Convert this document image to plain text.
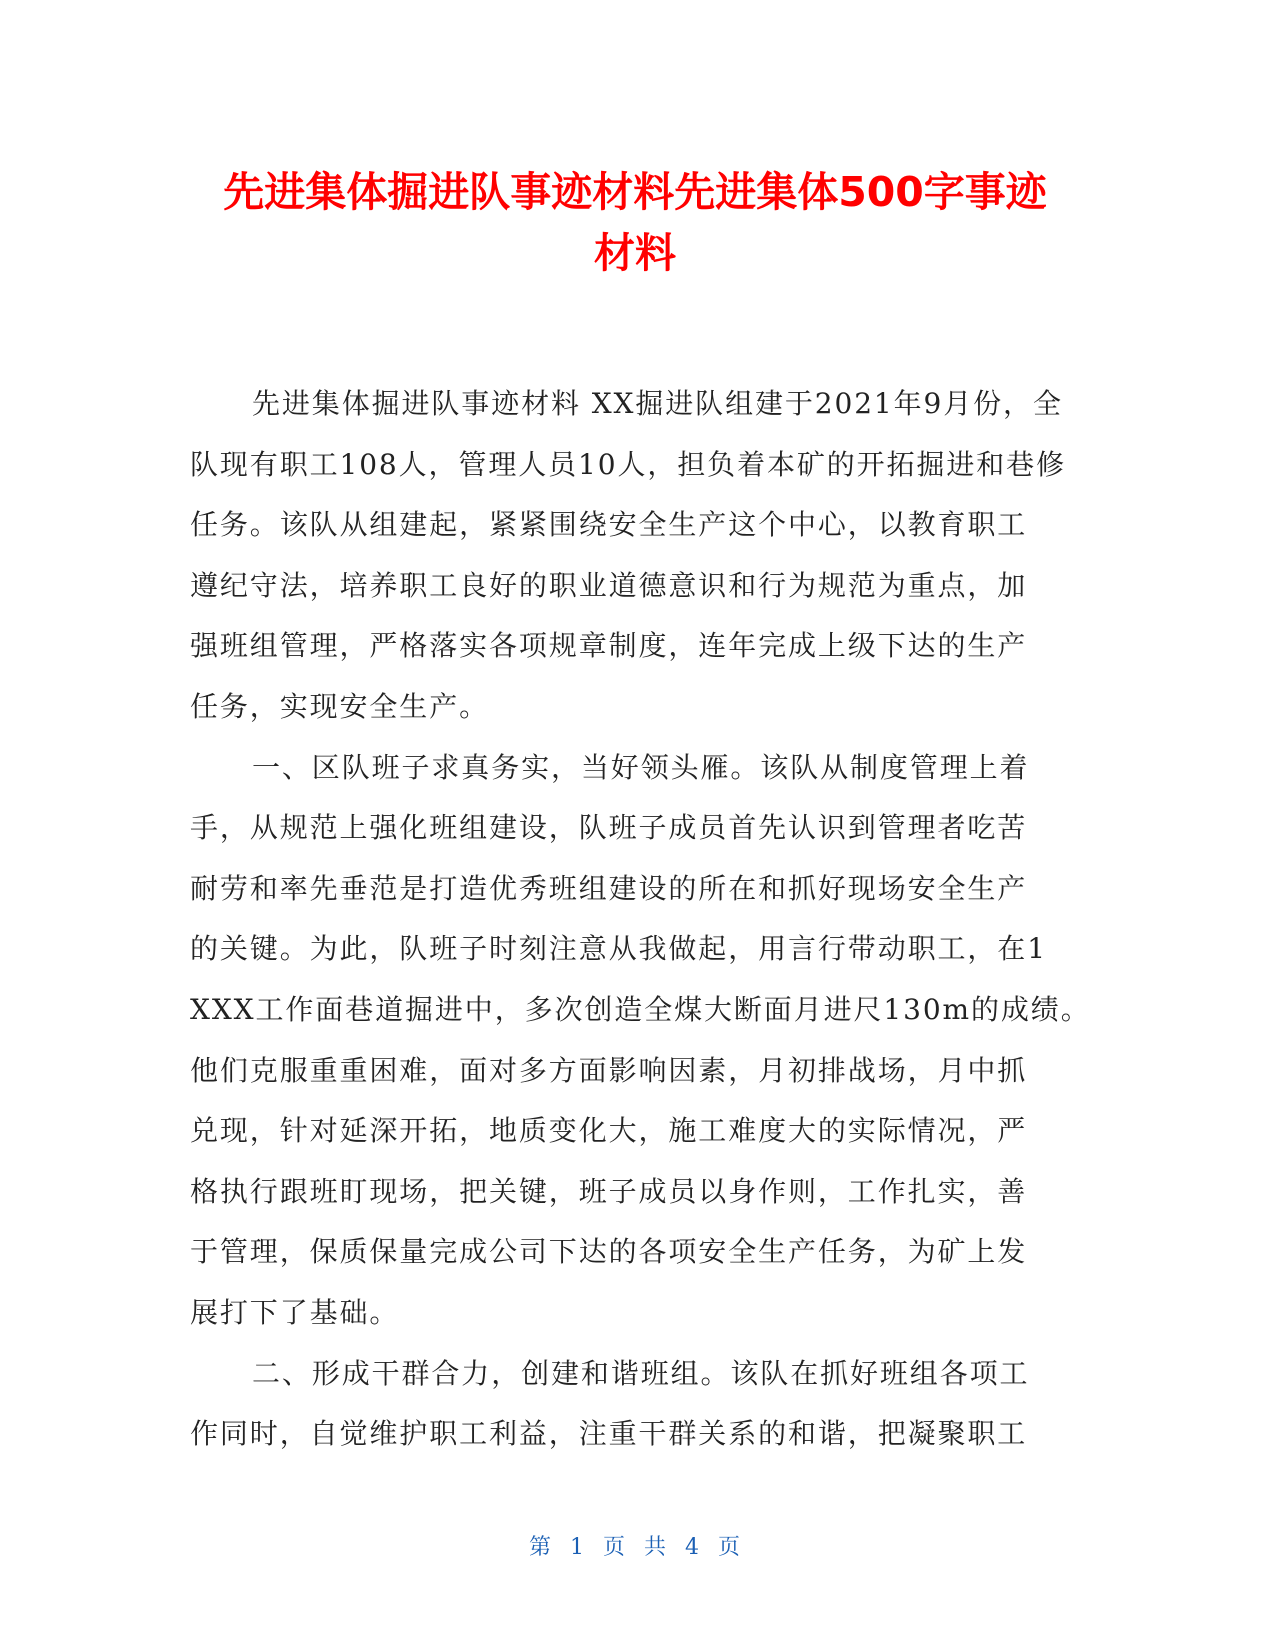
先进集体掘进队事迹材料先进集体500字事迹
材料
先进集体掘进队事迹材料 XX掘进队组建于2021年9月份，全
队现有职工108人，管理人员10人，担负着本矿的开拓掘进和巷修
任务。该队从组建起，紧紧围绕安全生产这个中心，以教育职工
遵纪守法，培养职工良好的职业道德意识和行为规范为重点，加
强班组管理，严格落实各项规章制度，连年完成上级下达的生产
任务，实现安全生产。
一、区队班子求真务实，当好领头雁。该队从制度管理上着
手，从规范上强化班组建设，队班子成员首先认识到管理者吃苦
耐劳和率先垂范是打造优秀班组建设的所在和抓好现场安全生产
的关键。为此，队班子时刻注意从我做起，用言行带动职工，在1
XXX工作面巷道掘进中，多次创造全煤大断面月进尺130m的成绩。
他们克服重重困难，面对多方面影响因素，月初排战场，月中抓
兑现，针对延深开拓，地质变化大，施工难度大的实际情况，严
格执行跟班盯现场，把关键，班子成员以身作则，工作扎实，善
于管理，保质保量完成公司下达的各项安全生产任务，为矿上发
展打下了基础。
二、形成干群合力，创建和谐班组。该队在抓好班组各项工
作同时，自觉维护职工利益，注重干群关系的和谐，把凝聚职工
第 1 页 共 4 页
